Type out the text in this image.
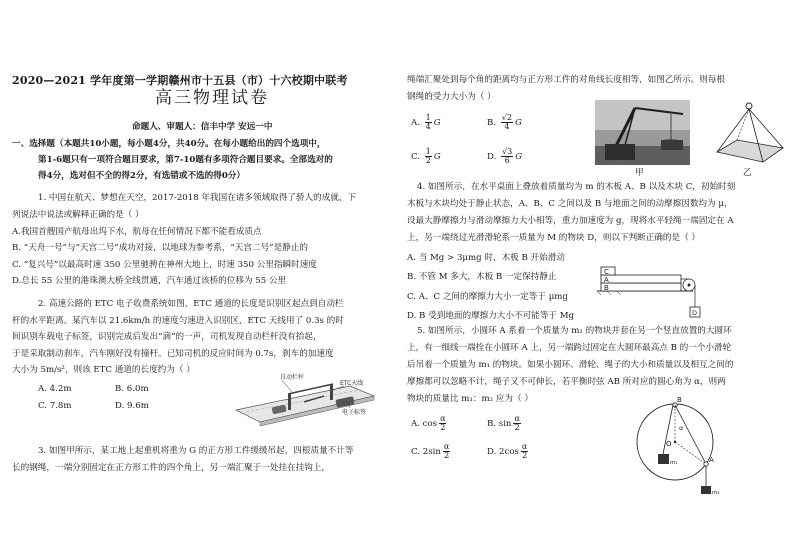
2020—2021 学年度第一学期赣州市十五县（市）十六校期中联考
高三物理试卷
命题人、审题人：信丰中学 安远一中
一、选择题（本题共10小题，每小题4分，共40分。在每小题给出的四个选项中，
第1-6题只有一项符合题目要求，第7-10题有多项符合题目要求。全部选对的
得4分，选对但不全的得2分，有选错或不选的得0分）
1. 中国在航天、梦想在天空，2017-2018 年我国在诸多领域取得了骄人的成就，下
列说法中说法或解释正确的是（ ）
A.我国首艘国产航母出坞下水，航母在任何情况下都不能看成质点
B. “天舟一号”与“天宫二号”成功对接，以地球为参考系，“天宫二号”是静止的
C. “复兴号”以最高时速 350 公里驰骋在神州大地上，时速 350 公里指瞬时速度
D.总长 55 公里的港珠澳大桥全线贯通，汽车通过该桥的位移为 55 公里
2. 高速公路的 ETC 电子收费系统如图，ETC 通道的长度是识别区起点到自动栏
杆的水平距离。某汽车以 21.6km/h 的速度匀速进入识别区，ETC 天线用了 0.3s 的时
间识别车载电子标签，识别完成后发出“滴”的一声，司机发现自动栏杆没有抬起，
于是采取制动刹车，汽车刚好没有撞杆。已知司机的反应时间为 0.7s，刹车的加速度
大小为 5m/s²，则该 ETC 通道的长度约为（ ）
A. 4.2m	B. 6.0m
C. 7.8m	D. 9.6m
自动栏杆
ETC天线
电子标签
3. 如图甲所示，某工地上起重机将重为 G 的正方形工件缓缓吊起，四根质量不计等
长的钢绳，一端分别固定在正方形工件的四个角上，另一端汇聚于一处挂在挂钩上，
绳端汇聚处到每个角的距离均与正方形工件的对角线长度相等，如图乙所示。则每根
钢绳的受力大小为（ ）
A. $\frac{1}{4}$ G	B. $\frac{√2}{4}$ G
C. $\frac{1}{2}$ G	D. $\frac{√3}{6}$ G
甲	乙
4. 如图所示，在水平桌面上叠放着质量均为 m 的木板 A、B 以及木块 C，初始时刻
木板与木块均处于静止状态，A、B、C 之间以及 B 与地面之间的动摩擦因数均为 μ，
设最大静摩擦力与滑动摩擦力大小相等，重力加速度为 g，现将水平轻绳一端固定在 A
上，另一端绕过光滑滑轮系一质量为 M 的物块 D，则以下判断正确的是（ ）
A. 当 Mg > 3μmg 时，木板 B 开始滑动
B. 不管 M 多大，木板 B 一定保持静止
C. A、C 之间的摩擦力大小一定等于 μmg
D. B 受到地面的摩擦力大小不可能等于 Mg
C
A
B
D
5. 如图所示，小圆环 A 系着一个质量为 m₂ 的物块并套在另一个竖直放置的大圆环
上，有一细线一端拴在小圆环 A 上，另一端跨过固定在大圆环最高点 B 的一个小滑轮
后吊着一个质量为 m₁ 的物块。如果小圆环、滑轮、绳子的大小和质量以及相互之间的
摩擦都可以忽略不计，绳子又不可伸长，若平衡时弦 AB 所对应的圆心角为 α，则两
物块的质量比 m₁：m₂ 应为（ ）
A. $\cos \frac{\alpha}{2}$	B. $\sin \frac{\alpha}{2}$
C. $2\sin \frac{\alpha}{2}$	D. $2\cos \frac{\alpha}{2}$
B
O
α
A
m₁
m₂
